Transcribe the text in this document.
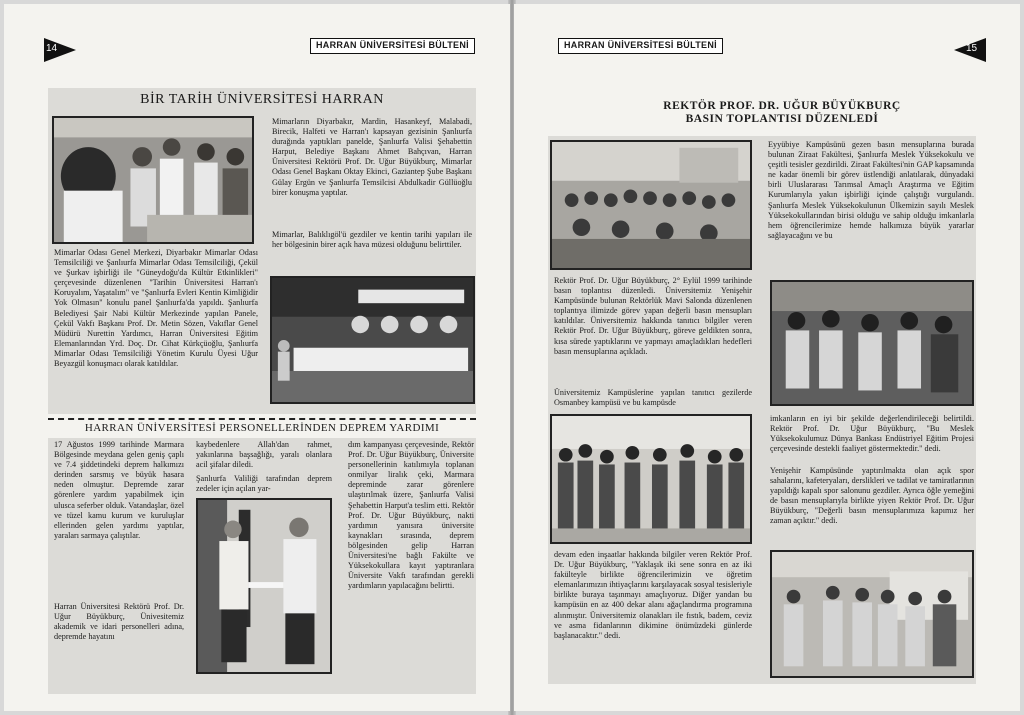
14	HARRAN ÜNİVERSİTESİ BÜLTENİ
BİR TARİH ÜNİVERSİTESİ HARRAN
Mimarların Diyarbakır, Mardin, Hasankeyf, Malabadi, Birecik, Halfeti ve Harran'ı kapsayan gezisinin Şanlıurfa durağında yaptıkları panelde, Şanlıurfa Valisi Şehabettin Harput, Belediye Başkanı Ahmet Bahçıvan, Harran Üniversitesi Rektörü Prof. Dr. Uğur Büyükburç, Mimarlar Odası Genel Başkanı Oktay Ekinci, Gaziantep Şube Başkanı Gülay Ergün ve Şanlıurfa Temsilcisi Abdulkadir Güllüoğlu birer konuşma yaptılar.
Mimarlar, Balıklıgöl'ü gezdiler ve kentin tarihi yapıları ile her bölgesinin birer açık hava müzesi olduğunu belirttiler.
Mimarlar Odası Genel Merkezi, Diyarbakır Mimarlar Odası Temsilciliği ve Şanlıurfa Mimarlar Odası Temsilciliği, Çekül ve Şurkav işbirliği ile "Güneydoğu'da Kültür Etkinlikleri" çerçevesinde düzenlenen "Tarihin Üniversitesi Harran'ı Koruyalım, Yaşatalım" ve "Şanlıurfa Evleri Kentin Kimliğidir Yok Olmasın" konulu panel Şanlıurfa'da yapıldı. Şanlıurfa Belediyesi Şair Nabi Kültür Merkezinde yapılan Panele, Çekül Vakfı Başkanı Prof. Dr. Metin Sözen, Vakıflar Genel Müdürü Nurettin Yardımcı, Harran Üniversitesi Eğitim Elemanlarından Yrd. Doç. Dr. Cihat Kürkçüoğlu, Şanlıurfa Mimarlar Odası Temsilciliği Yönetim Kurulu Üyesi Uğur Beyazgül konuşmacı olarak katıldılar.
HARRAN ÜNİVERSİTESİ PERSONELLERİNDEN DEPREM YARDIMI
17 Ağustos 1999 tarihinde Marmara Bölgesinde meydana gelen geniş çaplı ve 7.4 şiddetindeki deprem halkımızı derinden sarsmış ve büyük hasara neden olmuştur. Depremde zarar görenlere yardım yapabilmek için ulusca seferber olduk. Vatandaşlar, özel ve tüzel kamu kurum ve kuruluşlar ellerinden gelen yardımı yaptılar, yaraları sarmaya çalıştılar.
Harran Üniversitesi Rektörü Prof. Dr. Uğur Büyükburç, Ünivesitemiz akademik ve idari personelleri adına, depremde hayatını
kaybedenlere Allah'dan rahmet, yakınlarına başsağlığı, yaralı olanlara acil şifalar diledi.
Şanlıurfa Valiliği tarafından deprem zedeler için açılan yar-
dım kampanyası çerçevesinde, Rektör Prof. Dr. Uğur Büyükburç, Üniversite personellerinin katılımıyla toplanan onmilyar liralık çeki, Marmara depreminde zarar görenlere ulaştırılmak üzere, Şanlıurfa Valisi Şehabettin Harput'a teslim etti. Rektör Prof. Dr. Uğur Büyükburç, nakti yardımın yanısıra üniversite kaynakları sırasında, deprem bölgesinden gelip Harran Üniversitesi'ne bağlı Fakülte ve Yüksekokullara kayıt yaptıranlara Üniversite Vakfı tarafından gerekli yardımların yapılacağını belirtti.
HARRAN ÜNİVERSİTESİ BÜLTENİ	15
REKTÖR PROF. DR. UĞUR BÜYÜKBURÇ
BASIN TOPLANTISI DÜZENLEDİ
Eyyübiye Kampüsünü gezen basın mensuplarına burada bulunan Ziraat Fakültesi, Şanlıurfa Meslek Yüksekokulu ve çeşitli tesisler gezdirildi. Ziraat Fakültesi'nin GAP kapsamında ne kadar önemli bir görev üstlendiği anlatılarak, dünyadaki birli Uluslararası Tarımsal Amaçlı Araştırma ve Eğitim Kurumlarıyla yakın işbirliği içinde çalıştığı vurgulandı. Şanlıurfa Meslek Yüksekokulunun Ülkemizin sayılı Meslek Yüksekokullarından birisi olduğu ve sahip olduğu imkanlarla hem öğrencilerimize hemde halkımıza büyük yararlar sağlayacağını ve bu
Rektör Prof. Dr. Uğur Büyükburç, 2° Eylül 1999 tarihinde basın toplantısı düzenledi. Üniversitemiz Yenişehir Kampüsünde bulunan Rektörlük Mavi Salonda düzenlenen toplantıya ilimizde görev yapan değerli basın mensupları katıldılar. Üniversitemiz hakkında tanıtıcı bilgiler veren Rektör Prof. Dr. Uğur Büyükburç, göreve geldikten sonra, kısa sürede yaptıklarını ve yapmayı amaçladıkları hedefleri basın mensuplarına açıkladı.
Üniversitemiz Kampüslerine yapılan tanıtıcı gezilerde Osmanbey kampüsü ve bu kampüsde
imkanların en iyi bir şekilde değerlendirileceği belirtildi. Rektör Prof. Dr. Uğur Büyükburç, "Bu Meslek Yüksekokulumuz Dünya Bankası Endüstriyel Eğitim Projesi çerçevesinde destekli faaliyet göstermektedir." dedi.
Yenişehir Kampüsünde yaptırılmakta olan açık spor sahalarını, kafeteryaları, derslikleri ve tadilat ve tamiratlarının yapıldığı kapalı spor salonunu gezdiler. Ayrıca öğle yemeğini de basın mensuplarıyla birlikte yiyen Rektör Prof. Dr. Uğur Büyükburç, "Değerli basın mensuplarımıza kapımız her zaman açıktır." dedi.
devam eden inşaatlar hakkında bilgiler veren Rektör Prof. Dr. Uğur Büyükburç, "Yaklaşık iki sene sonra en az iki fakülteyle birlikte öğrencilerimizin ve öğretim elemanlarımızın ihtiyaçlarını karşılayacak sosyal tesisleriyle birlikte buraya taşınmayı amaçlıyoruz. Diğer yandan bu kampüsün en az 400 dekar alanı ağaçlandırma programına alınmıştır. Üniversitemiz olanakları ile fıstık, badem, ceviz ve asma fidanlarının dikimine önümüzdeki günlerde başlanacaktır." dedi.
